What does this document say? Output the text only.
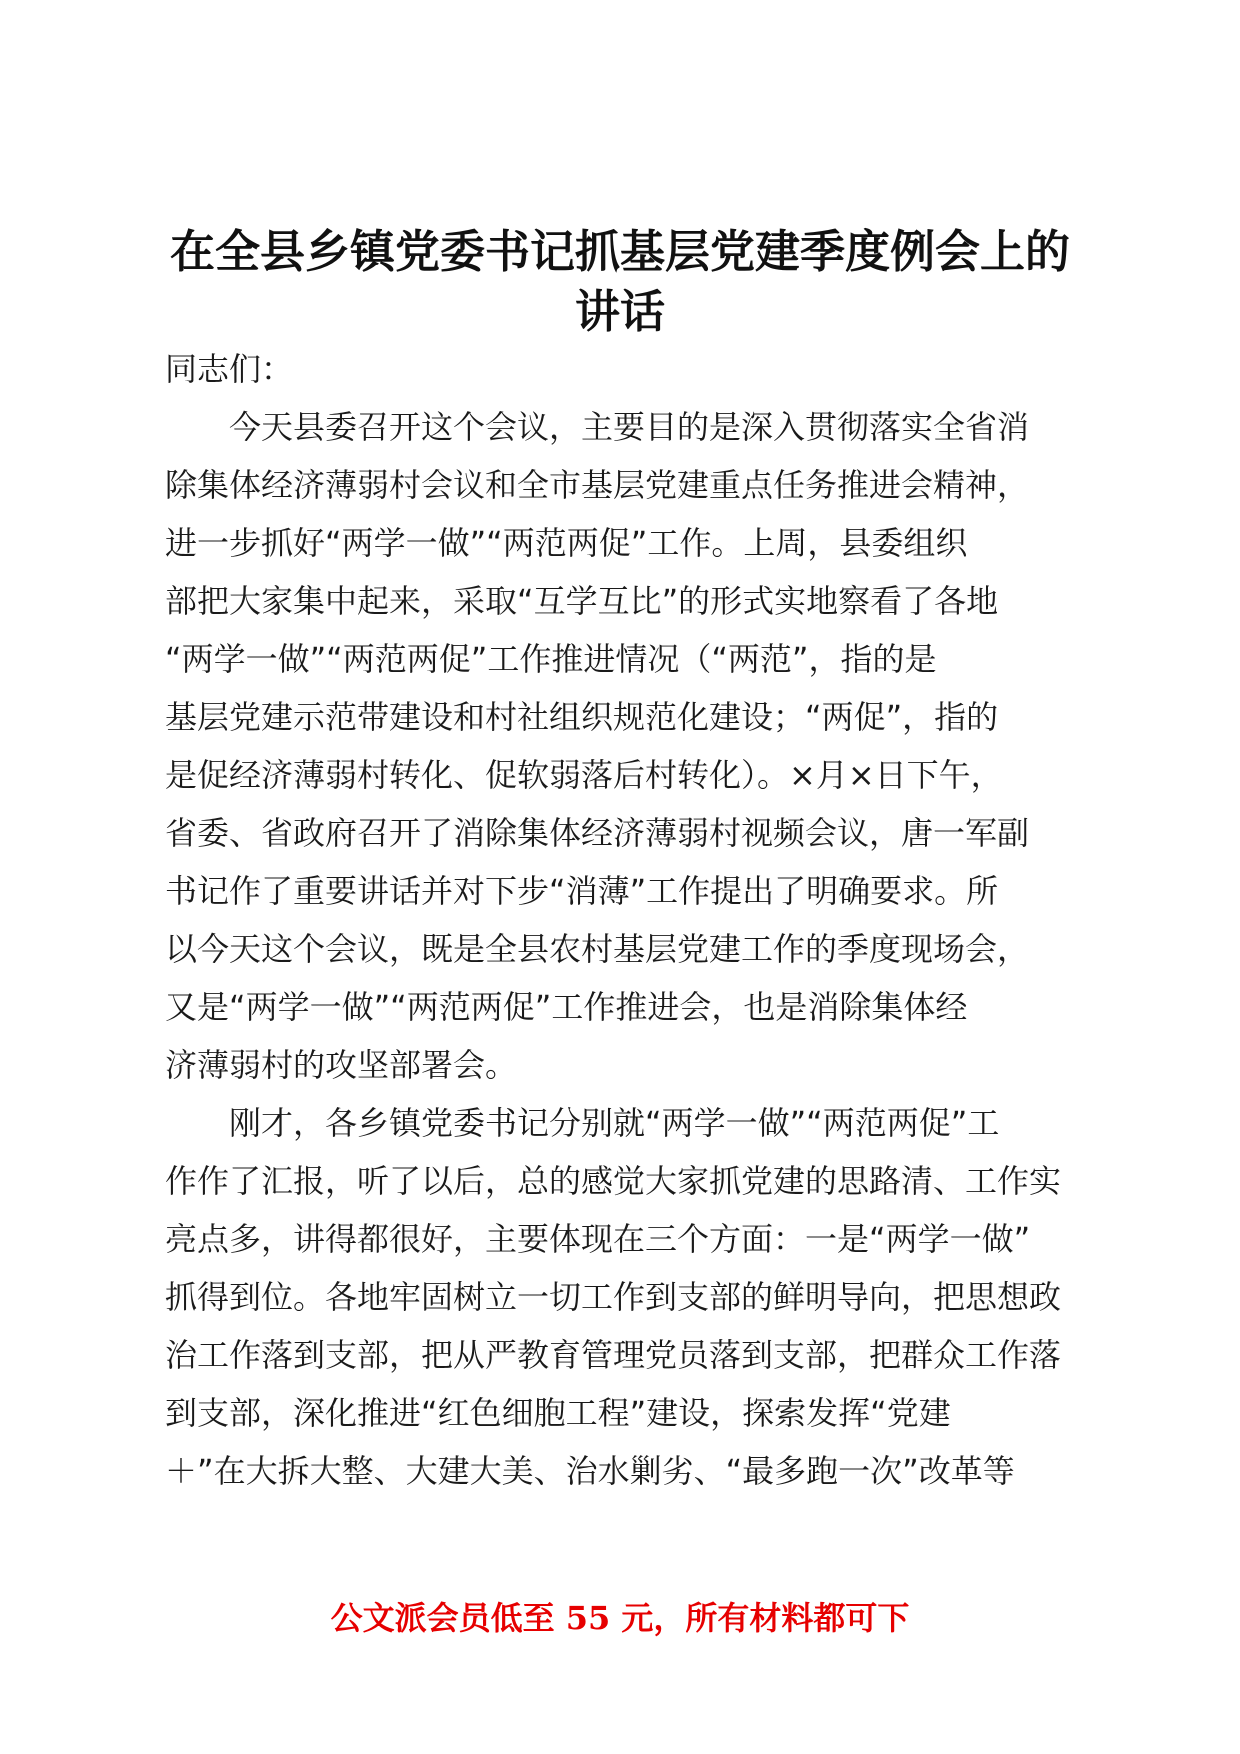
在全县乡镇党委书记抓基层党建季度例会上的
讲话
同志们：
　　今天县委召开这个会议，主要目的是深入贯彻落实全省消
除集体经济薄弱村会议和全市基层党建重点任务推进会精神，
进一步抓好“两学一做”“两范两促”工作。上周，县委组织
部把大家集中起来，采取“互学互比”的形式实地察看了各地
“两学一做”“两范两促”工作推进情况（“两范”，指的是
基层党建示范带建设和村社组织规范化建设；“两促”，指的
是促经济薄弱村转化、促软弱落后村转化）。×月×日下午，
省委、省政府召开了消除集体经济薄弱村视频会议，唐一军副
书记作了重要讲话并对下步“消薄”工作提出了明确要求。所
以今天这个会议，既是全县农村基层党建工作的季度现场会，
又是“两学一做”“两范两促”工作推进会，也是消除集体经
济薄弱村的攻坚部署会。
　　刚才，各乡镇党委书记分别就“两学一做”“两范两促”工
作作了汇报，听了以后，总的感觉大家抓党建的思路清、工作实
亮点多，讲得都很好，主要体现在三个方面：一是“两学一做”
抓得到位。各地牢固树立一切工作到支部的鲜明导向，把思想政
治工作落到支部，把从严教育管理党员落到支部，把群众工作落
到支部，深化推进“红色细胞工程”建设，探索发挥“党建
＋”在大拆大整、大建大美、治水剿劣、“最多跑一次”改革等
公文派会员低至 55 元，所有材料都可下
